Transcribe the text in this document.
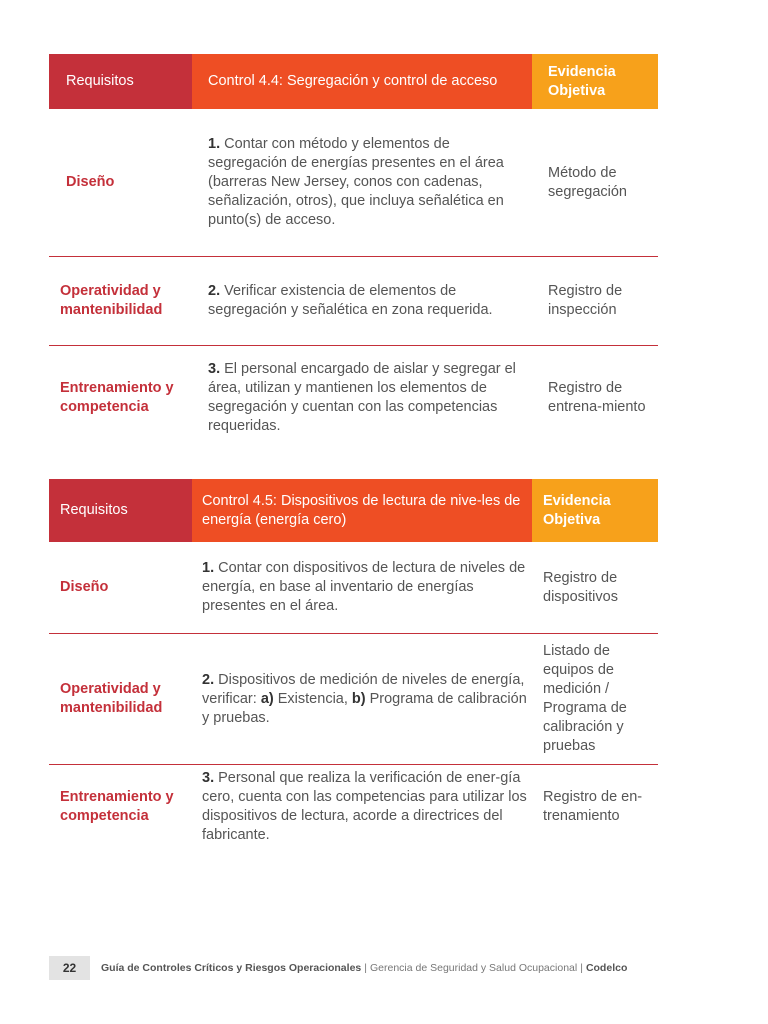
Requisitos	Control 4.4: Segregación y control de acceso
Evidencia Objetiva
Diseño
1. Contar con método y elementos de segregación de energías presentes en el área (barreras New Jersey, conos con cadenas, señalización, otros), que incluya señalética en punto(s) de acceso.
Método de segregación
Operatividad y mantenibilidad
2. Verificar existencia de elementos de segregación y señalética en zona requerida.
Registro de inspección
Entrenamiento y competencia
3. El personal encargado de aislar y segregar el área, utilizan y mantienen los elementos de segregación y cuentan con las competencias requeridas.
Registro de entrena-miento
Requisitos
Control 4.5: Dispositivos de lectura de nive-les de energía (energía cero)
Evidencia Objetiva
Diseño
1. Contar con dispositivos de lectura de niveles de energía, en base al inventario de energías presentes en el área.
Registro de dispositivos
Operatividad y mantenibilidad
2. Dispositivos de medición de niveles de energía, verificar: a) Existencia, b) Programa de calibración y pruebas.
Listado de equipos de medición / Programa de calibración y pruebas
Entrenamiento y competencia
3. Personal que realiza la verificación de ener-gía cero, cuenta con las competencias para utilizar los dispositivos de lectura, acorde a directrices del fabricante.
Registro de en-trenamiento
22	Guía de Controles Críticos y Riesgos Operacionales | Gerencia de Seguridad y Salud Ocupacional | Codelco
